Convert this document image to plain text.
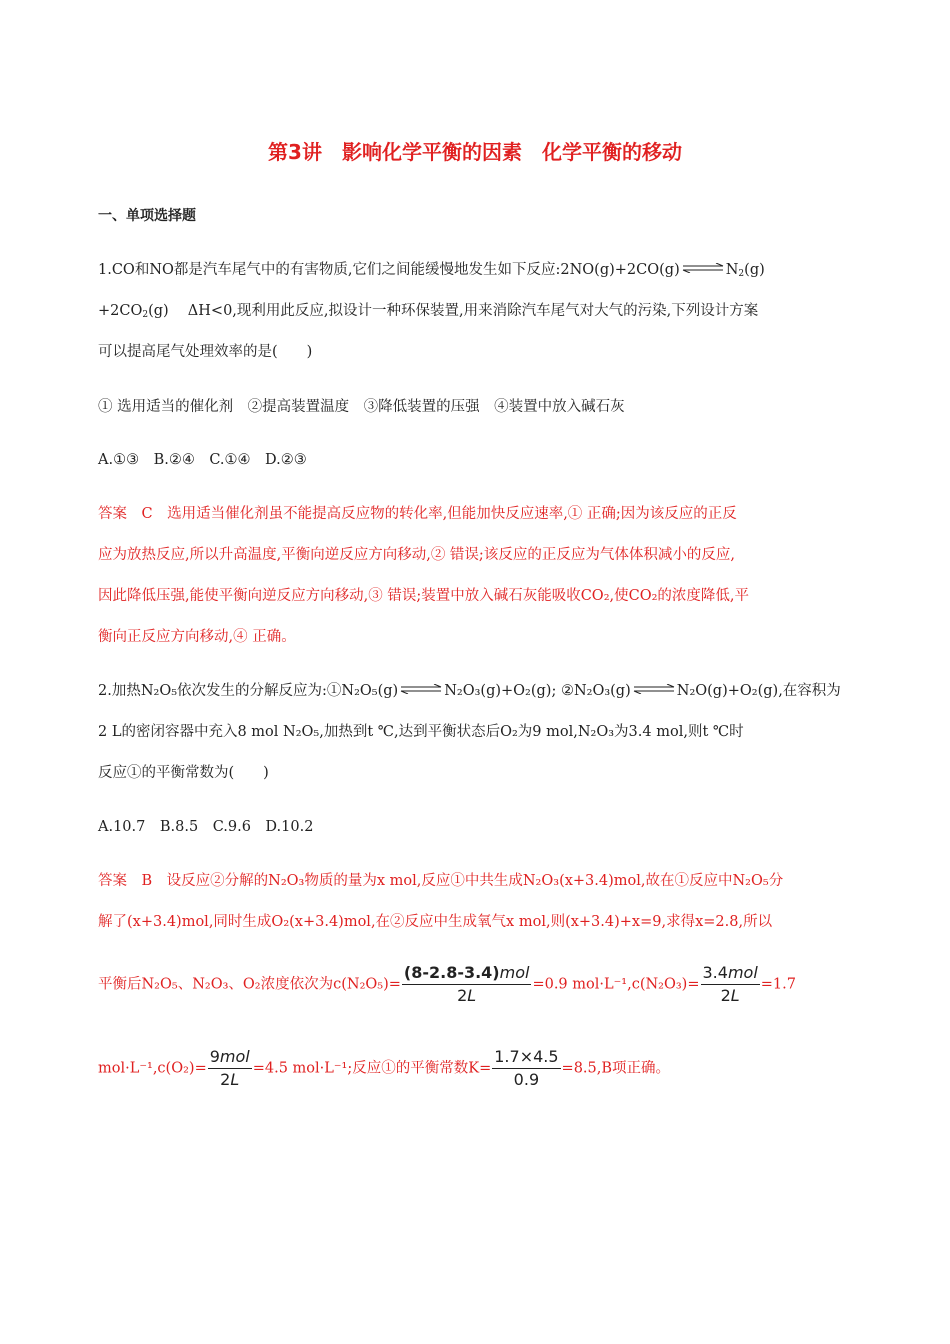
第3讲　影响化学平衡的因素　化学平衡的移动
一、单项选择题
1.CO和NO都是汽车尾气中的有害物质,它们之间能缓慢地发生如下反应:2NO(g)+2CO(g) ⇌ $N_2(g)$
$+2CO_2(g)$　 ΔH<0,现利用此反应,拟设计一种环保装置,用来消除汽车尾气对大气的污染,下列设计方案
可以提高尾气处理效率的是(　　)
① 选用适当的催化剂　②提高装置温度　③降低装置的压强　④装置中放入碱石灰
A.①③　B.②④　C.①④　D.②③
答案　C　选用适当催化剂虽不能提高反应物的转化率,但能加快反应速率,① 正确;因为该反应的正反
应为放热反应,所以升高温度,平衡向逆反应方向移动,② 错误;该反应的正反应为气体体积减小的反应,
因此降低压强,能使平衡向逆反应方向移动,③ 错误;装置中放入碱石灰能吸收CO₂,使CO₂的浓度降低,平
衡向正反应方向移动,④ 正确。
2.加热N₂O₅依次发生的分解反应为:①N₂O₅(g) ⇌ N₂O₃(g)+O₂(g); ②N₂O₃(g) ⇌ N₂O(g)+O₂(g),在容积为
2 L的密闭容器中充入8 mol N₂O₅,加热到t ℃,达到平衡状态后O₂为9 mol,N₂O₃为3.4 mol,则t ℃时
反应①的平衡常数为(　　)
A.10.7　B.8.5　C.9.6　D.10.2
答案　B　设反应②分解的N₂O₃物质的量为x mol,反应①中共生成N₂O₃(x+3.4)mol,故在①反应中N₂O₅分
解了(x+3.4)mol,同时生成O₂(x+3.4)mol,在②反应中生成氧气x mol,则(x+3.4)+x=9,求得x=2.8,所以
平衡后N₂O₅、N₂O₃、O₂浓度依次为$c(N_2O_5)= \frac{\text{(8-2.8-3.4)mol}}{2L} =0.9$ $mol\cdot L^{-1},c(N_2O_3)= \frac{\text{3.4mol}}{2L} =1.7$
$mol\cdot L^{-1},c(O_2)= \frac{\text{9mol}}{2L} =4.5$ mol·L⁻¹;反应①的平衡常数$K= \frac{1.7\times 4.5}{0.9} =8.5,B$项正确。
